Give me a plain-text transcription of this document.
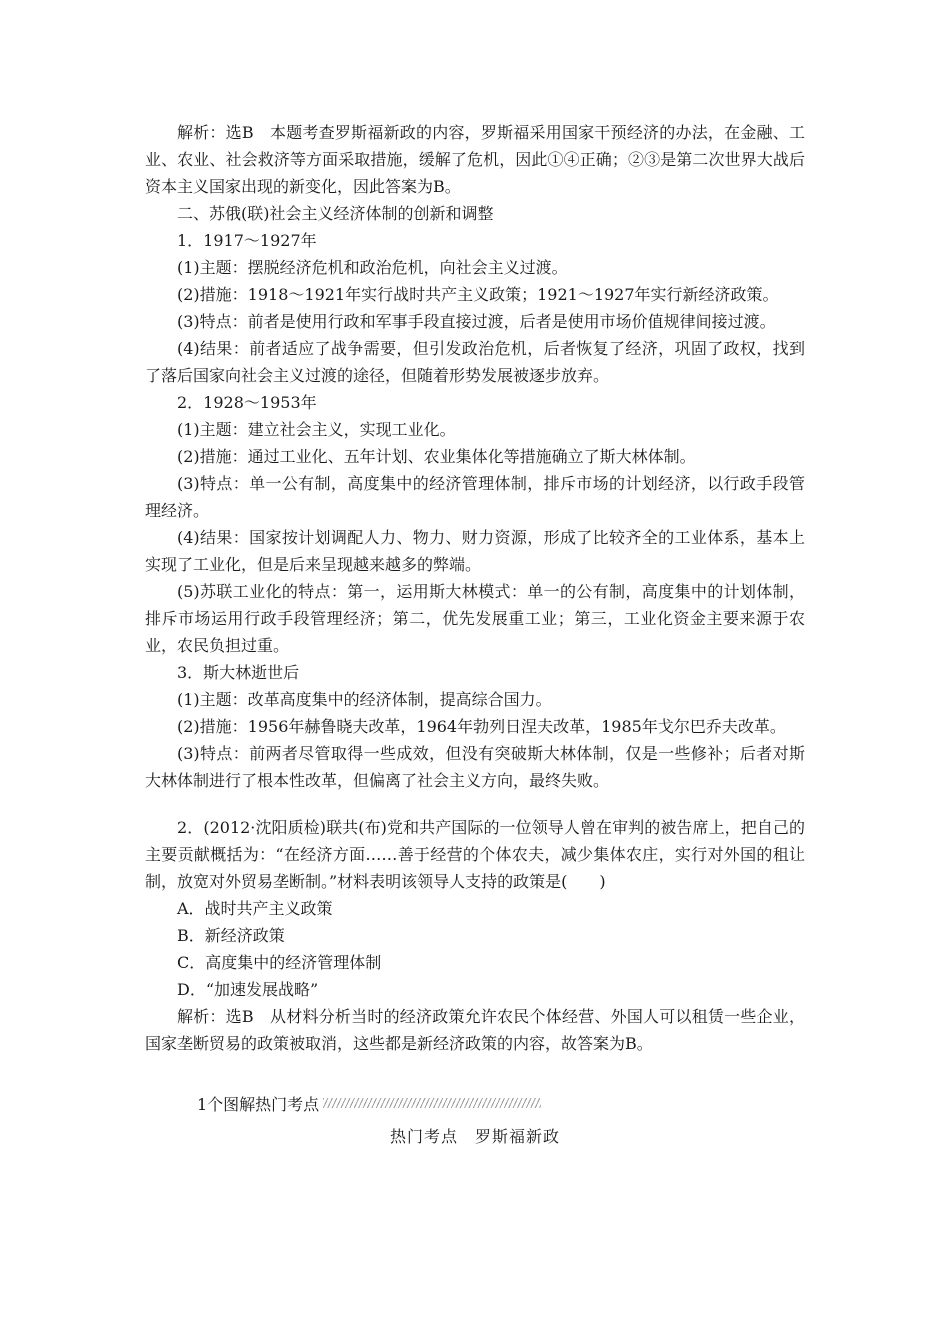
解析：选B　本题考查罗斯福新政的内容，罗斯福采用国家干预经济的办法，在金融、工业、农业、社会救济等方面采取措施，缓解了危机，因此①④正确；②③是第二次世界大战后资本主义国家出现的新变化，因此答案为B。

二、苏俄(联)社会主义经济体制的创新和调整

1．1917～1927年

(1)主题：摆脱经济危机和政治危机，向社会主义过渡。

(2)措施：1918～1921年实行战时共产主义政策；1921～1927年实行新经济政策。

(3)特点：前者是使用行政和军事手段直接过渡，后者是使用市场价值规律间接过渡。

(4)结果：前者适应了战争需要，但引发政治危机，后者恢复了经济，巩固了政权，找到了落后国家向社会主义过渡的途径，但随着形势发展被逐步放弃。

2．1928～1953年

(1)主题：建立社会主义，实现工业化。

(2)措施：通过工业化、五年计划、农业集体化等措施确立了斯大林体制。

(3)特点：单一公有制，高度集中的经济管理体制，排斥市场的计划经济，以行政手段管理经济。

(4)结果：国家按计划调配人力、物力、财力资源，形成了比较齐全的工业体系，基本上实现了工业化，但是后来呈现越来越多的弊端。

(5)苏联工业化的特点：第一，运用斯大林模式：单一的公有制，高度集中的计划体制，排斥市场运用行政手段管理经济；第二，优先发展重工业；第三，工业化资金主要来源于农业，农民负担过重。

3．斯大林逝世后

(1)主题：改革高度集中的经济体制，提高综合国力。

(2)措施：1956年赫鲁晓夫改革，1964年勃列日涅夫改革，1985年戈尔巴乔夫改革。

(3)特点：前两者尽管取得一些成效，但没有突破斯大林体制，仅是一些修补；后者对斯大林体制进行了根本性改革，但偏离了社会主义方向，最终失败。

2．(2012·沈阳质检)联共(布)党和共产国际的一位领导人曾在审判的被告席上，把自己的主要贡献概括为：“在经济方面……善于经营的个体农夫，减少集体农庄，实行对外国的租让制，放宽对外贸易垄断制。”材料表明该领导人支持的政策是(　　)

A．战时共产主义政策

B．新经济政策

C．高度集中的经济管理体制

D．“加速发展战略”

解析：选B　从材料分析当时的经济政策允许农民个体经营、外国人可以租赁一些企业，国家垄断贸易的政策被取消，这些都是新经济政策的内容，故答案为B。

1个图解热门考点
热门考点　罗斯福新政
